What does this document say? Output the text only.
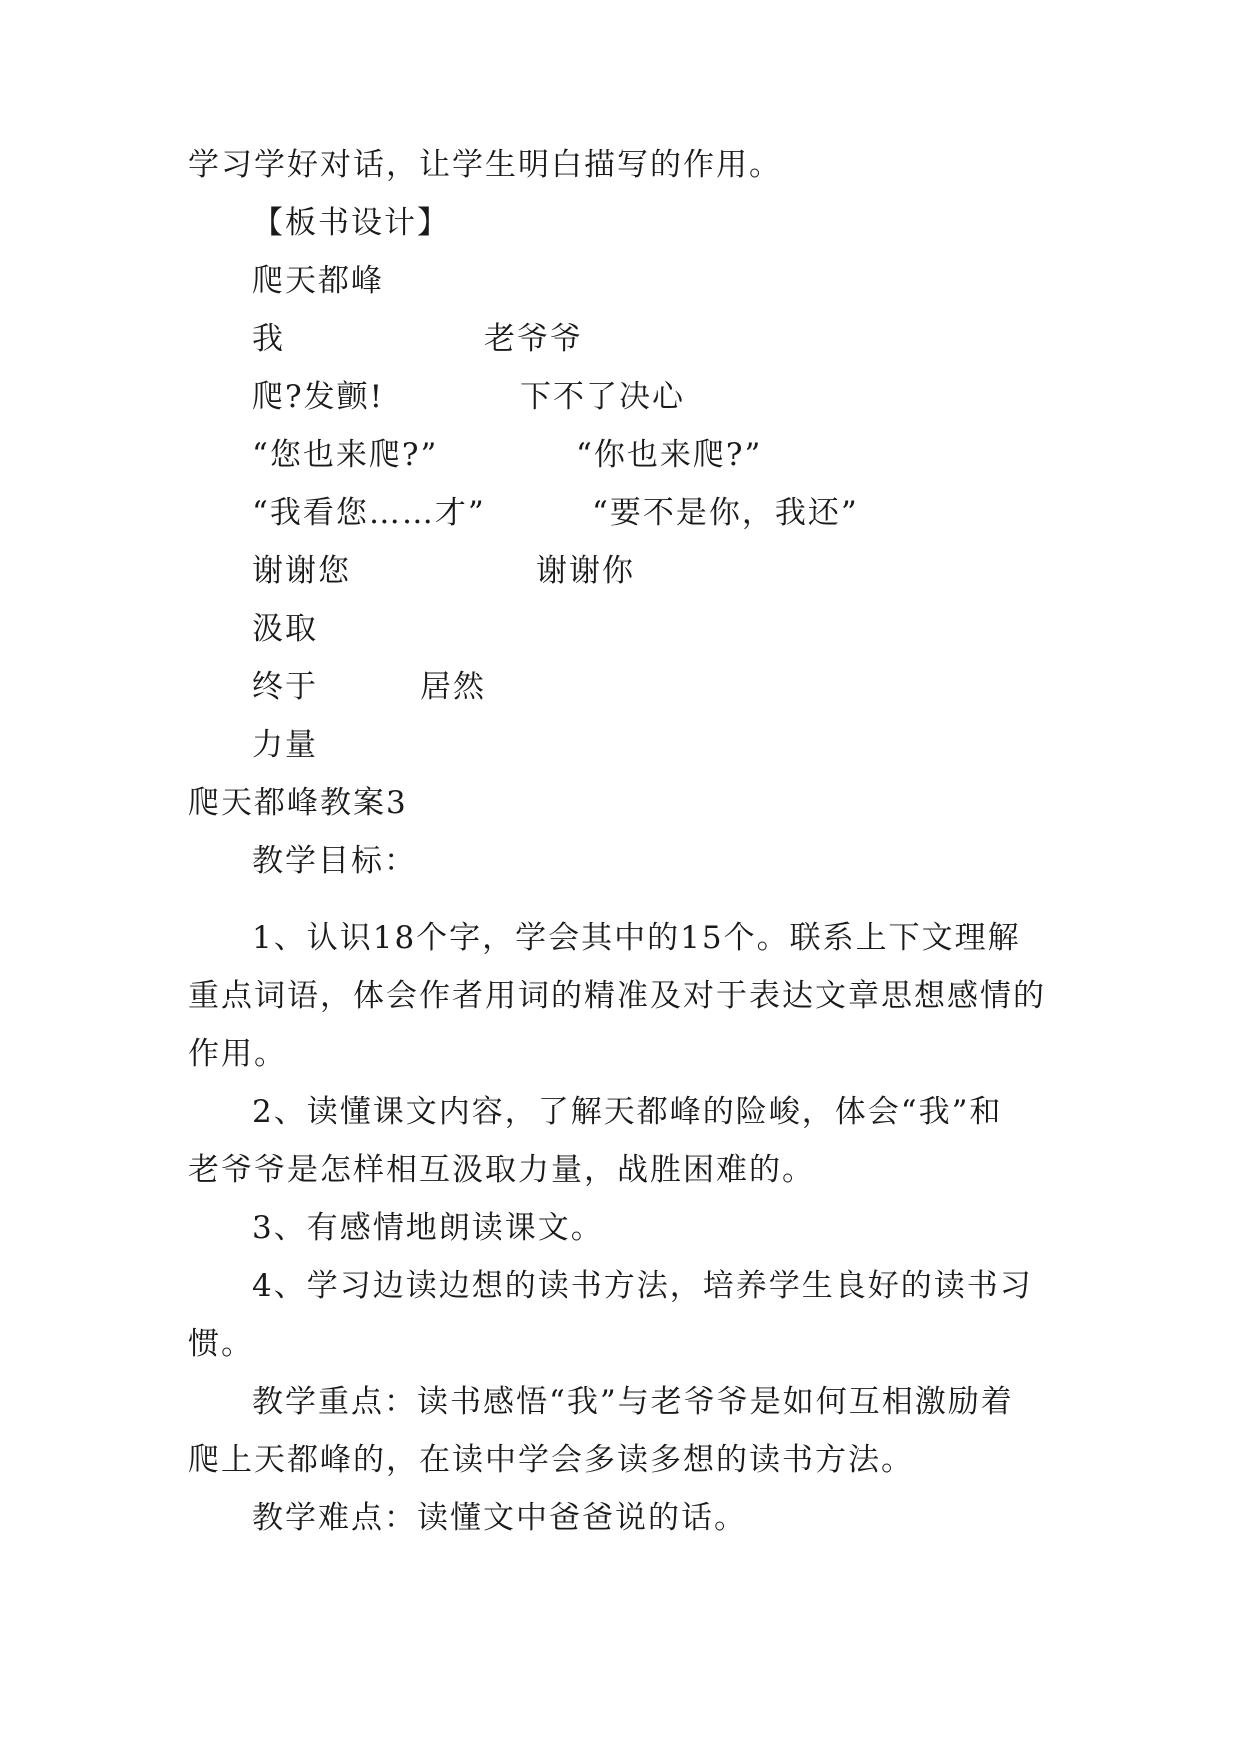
学习学好对话，让学生明白描写的作用。
【板书设计】
爬天都峰
我	老爷爷
爬?发颤!	下不了决心
“您也来爬?”	“你也来爬?”
“我看您……才”	“要不是你，我还”
谢谢您	谢谢你
汲取
终于	居然
力量
爬天都峰教案3
教学目标：
1、认识18个字，学会其中的15个。联系上下文理解
重点词语，体会作者用词的精准及对于表达文章思想感情的
作用。
2、读懂课文内容，了解天都峰的险峻，体会“我”和
老爷爷是怎样相互汲取力量，战胜困难的。
3、有感情地朗读课文。
4、学习边读边想的读书方法，培养学生良好的读书习
惯。
教学重点：读书感悟“我”与老爷爷是如何互相激励着
爬上天都峰的，在读中学会多读多想的读书方法。
教学难点：读懂文中爸爸说的话。
